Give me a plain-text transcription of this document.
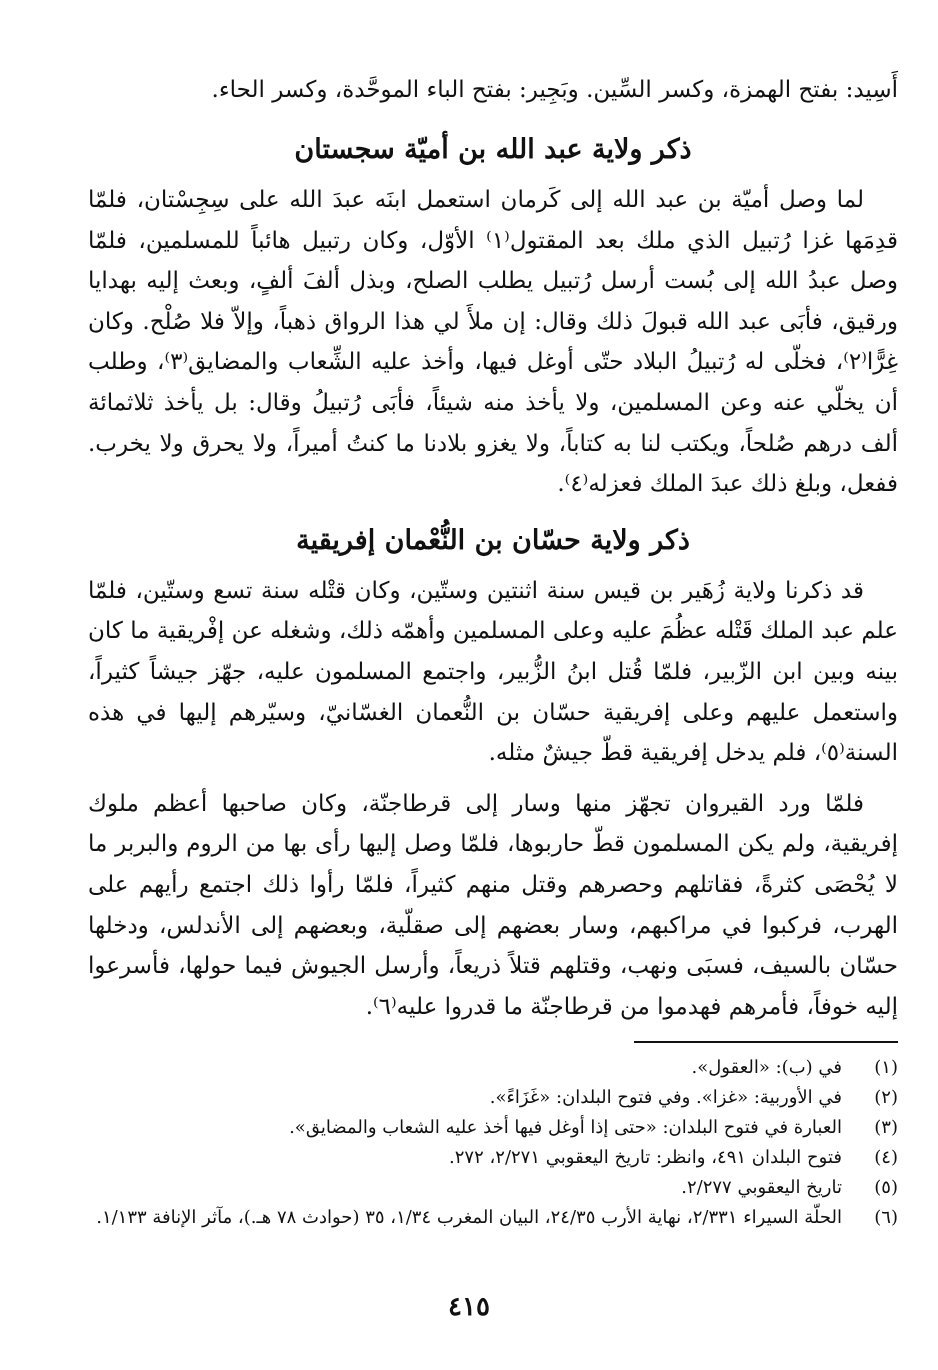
أَسِيد: بفتح الهمزة، وكسر السِّين. وبَجِير: بفتح الباء الموحَّدة، وكسر الحاء.

ذكر ولاية عبد الله بن أميّة سجستان

لما وصل أميّة بن عبد الله إلى كَرمان استعمل ابنَه عبدَ الله على سِجِسْتان، فلمّا قدِمَها غزا رُتبيل الذي ملك بعد المقتول⁽١⁾ الأوّل، وكان رتبيل هائباً للمسلمين، فلمّا وصل عبدُ الله إلى بُست أرسل رُتبيل يطلب الصلح، وبذل ألفَ ألفٍ، وبعث إليه بهدايا ورقيق، فأبَى عبد الله قبولَ ذلك وقال: إن ملأَ لي هذا الرواق ذهباً، وإلاّ فلا صُلْح. وكان غِرًّا⁽٢⁾، فخلّى له رُتبيلُ البلاد حتّى أوغل فيها، وأخذ عليه الشِّعاب والمضايق⁽٣⁾، وطلب أن يخلّي عنه وعن المسلمين، ولا يأخذ منه شيئاً، فأبَى رُتبيلُ وقال: بل يأخذ ثلاثمائة ألف درهم صُلحاً، ويكتب لنا به كتاباً، ولا يغزو بلادنا ما كنتُ أميراً، ولا يحرق ولا يخرب. ففعل، وبلغ ذلك عبدَ الملك فعزله⁽٤⁾.

ذكر ولاية حسّان بن النُّعْمان إفريقية

قد ذكرنا ولاية زُهَير بن قيس سنة اثنتين وستّين، وكان قتْله سنة تسع وستّين، فلمّا علم عبد الملك قَتْله عظُمَ عليه وعلى المسلمين وأهمّه ذلك، وشغله عن إفْريقية ما كان بينه وبين ابن الزّبير، فلمّا قُتل ابنُ الزُّبير، واجتمع المسلمون عليه، جهّز جيشاً كثيراً، واستعمل عليهم وعلى إفريقية حسّان بن النُّعمان الغسّانيّ، وسيّرهم إليها في هذه السنة⁽٥⁾، فلم يدخل إفريقية قطّ جيشٌ مثله.

فلمّا ورد القيروان تجهّز منها وسار إلى قرطاجنّة، وكان صاحبها أعظم ملوك إفريقية، ولم يكن المسلمون قطّ حاربوها، فلمّا وصل إليها رأى بها من الروم والبربر ما لا يُحْصَى كثرةً، فقاتلهم وحصرهم وقتل منهم كثيراً، فلمّا رأوا ذلك اجتمع رأيهم على الهرب، فركبوا في مراكبهم، وسار بعضهم إلى صقلّية، وبعضهم إلى الأندلس، ودخلها حسّان بالسيف، فسبَى ونهب، وقتلهم قتلاً ذريعاً، وأرسل الجيوش فيما حولها، فأسرعوا إليه خوفاً، فأمرهم فهدموا من قرطاجنّة ما قدروا عليه⁽٦⁾.

(١)
في (ب): «العقول».
(٢)
في الأوربية: «غزا». وفي فتوح البلدان: «غَزَاءً».
(٣)
العبارة في فتوح البلدان: «حتى إذا أوغل فيها أخذ عليه الشعاب والمضايق».
(٤)
فتوح البلدان ٤٩١، وانظر: تاريخ اليعقوبي ٢/٢٧١، ٢٧٢.
(٥)
تاريخ اليعقوبي ٢/٢٧٧.
(٦)
الحلّة السيراء ٢/٣٣١، نهاية الأرب ٢٤/٣٥، البيان المغرب ١/٣٤، ٣٥ (حوادث ٧٨ هـ.)، مآثر الإنافة ١/١٣٣.
٤١٥
